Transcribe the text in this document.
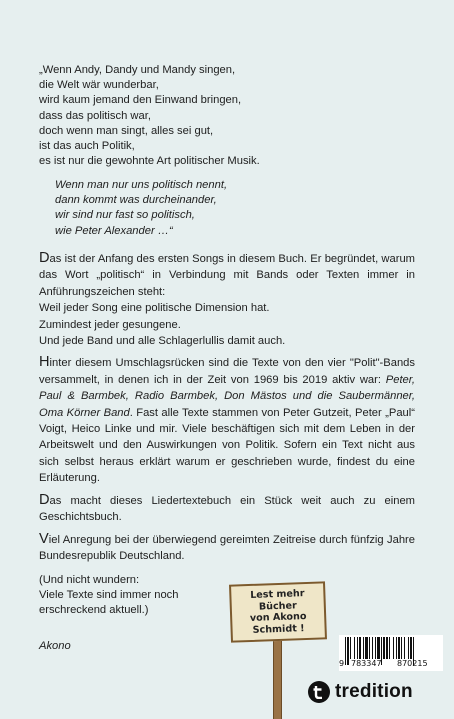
„Wenn Andy, Dandy und Mandy singen,
die Welt wär wunderbar,
wird kaum jemand den Einwand bringen,
dass das politisch war,
doch wenn man singt, alles sei gut,
ist das auch Politik,
es ist nur die gewohnte Art politischer Musik.
Wenn man nur uns politisch nennt,
dann kommt was durcheinander,
wir sind nur fast so politisch,
wie Peter Alexander …“
Das ist der Anfang des ersten Songs in diesem Buch. Er begründet, warum das Wort „politisch“ in Verbindung mit Bands oder Texten immer in Anführungszeichen steht:
Weil jeder Song eine politische Dimension hat.
Zumindest jeder gesungene.
Und jede Band und alle Schlagerlullis damit auch.
Hinter diesem Umschlagsrücken sind die Texte von den vier "Polit"-Bands versammelt, in denen ich in der Zeit von 1969 bis 2019 aktiv war: Peter, Paul & Barmbek, Radio Barmbek, Don Mästos und die Saubermänner, Oma Körner Band. Fast alle Texte stammen von Peter Gutzeit, Peter „Paul“ Voigt, Heico Linke und mir. Viele beschäftigen sich mit dem Leben in der Arbeitswelt und den Auswirkungen von Politik. Sofern ein Text nicht aus sich selbst heraus erklärt warum er geschrieben wurde, findest du eine Erläuterung.
Das macht dieses Liedertextebuch ein Stück weit auch zu einem Geschichtsbuch.
Viel Anregung bei der überwiegend gereimten Zeitreise durch fünfzig Jahre Bundesrepublik Deutschland.
(Und nicht wundern:
Viele Texte sind immer noch
erschreckend aktuell.)
Akono
Lest mehr
Bücher
von Akono
Schmidt !
9 783347 870215
tredition
